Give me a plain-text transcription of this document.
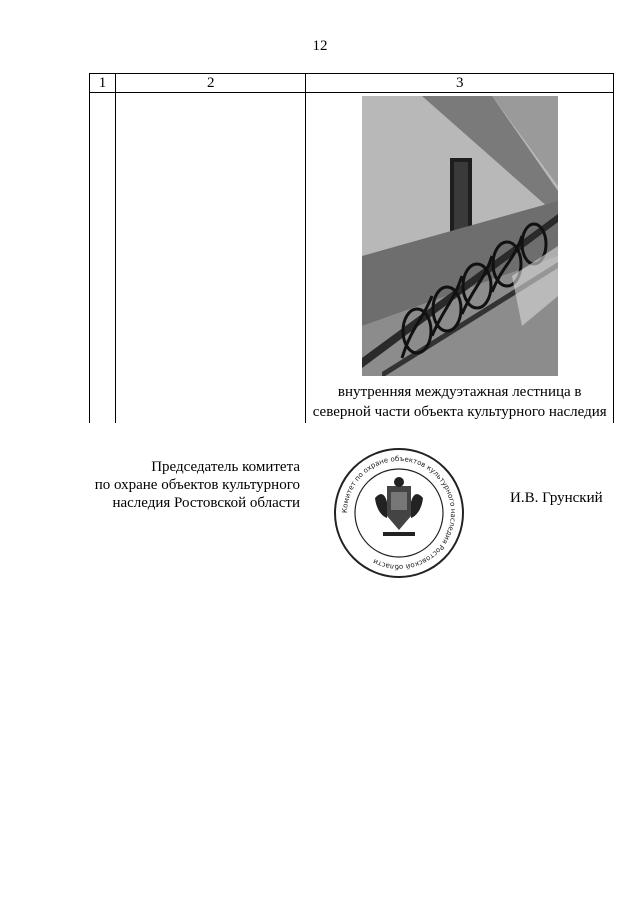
12
1	2	3

		внутренняя междуэтажная лестница в
северной части объекта культурного наследия
Председатель комитета
по охране объектов культурного
наследия Ростовской области	Комитет по охране объектов культурного наследия Ростовской области
И.В. Грунский
